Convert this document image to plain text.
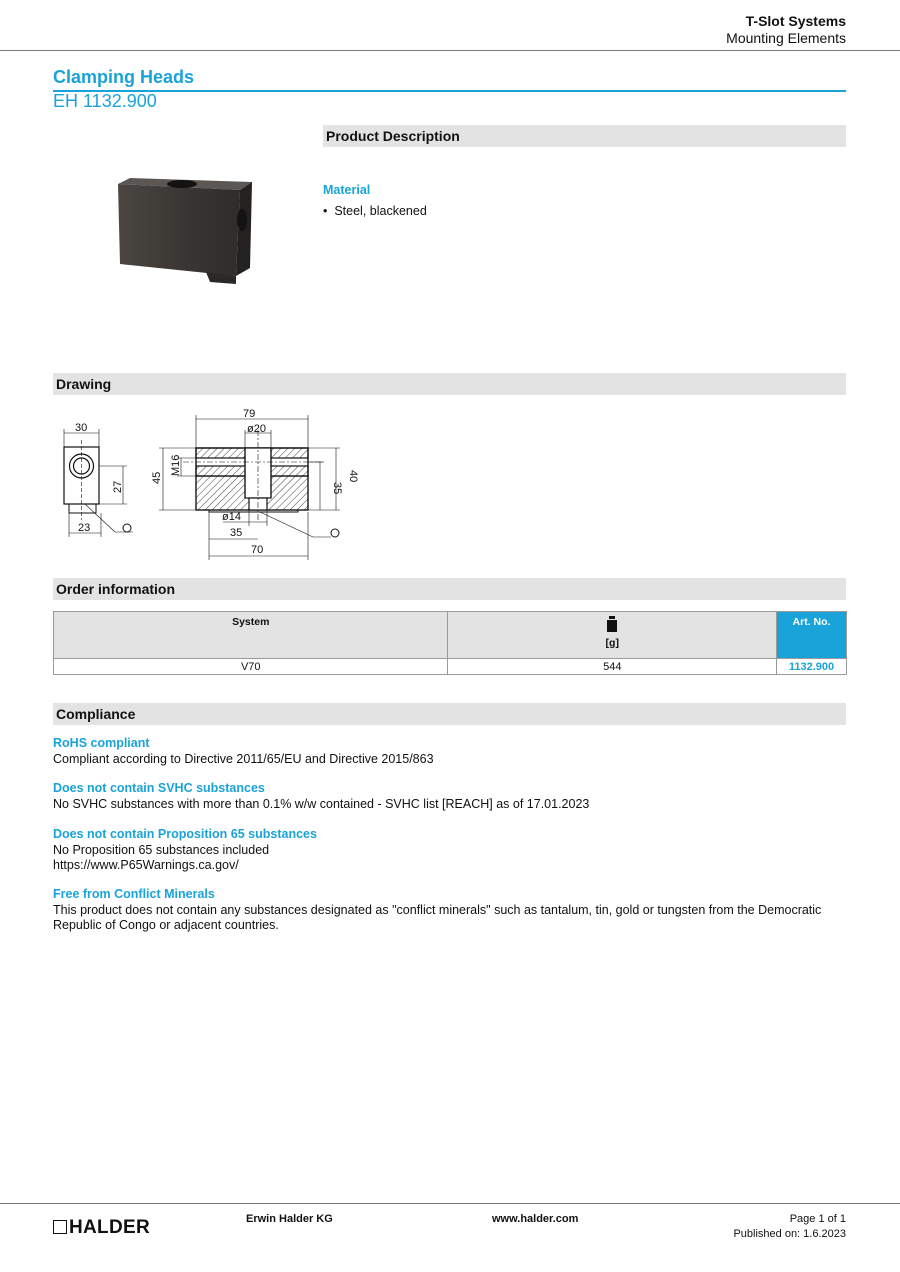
T-Slot Systems
Mounting Elements
Clamping Heads
EH 1132.900
Product Description
Material
• Steel, blackened
Drawing
30
27
23
79
ø20
M16
45
35
40
ø14
35
70
Order information
System	[g]	Art. No.
V70	544	1132.900
Compliance
RoHS compliant
Compliant according to Directive 2011/65/EU and Directive 2015/863
Does not contain SVHC substances
No SVHC substances with more than 0.1% w/w contained - SVHC list [REACH] as of 17.01.2023
Does not contain Proposition 65 substances
No Proposition 65 substances included
https://www.P65Warnings.ca.gov/
Free from Conflict Minerals
This product does not contain any substances designated as "conflict minerals" such as tantalum, tin, gold or tungsten from the Democratic Republic of Congo or adjacent countries.
HALDER	Erwin Halder KG	www.halder.com	Page 1 of 1
Published on: 1.6.2023
